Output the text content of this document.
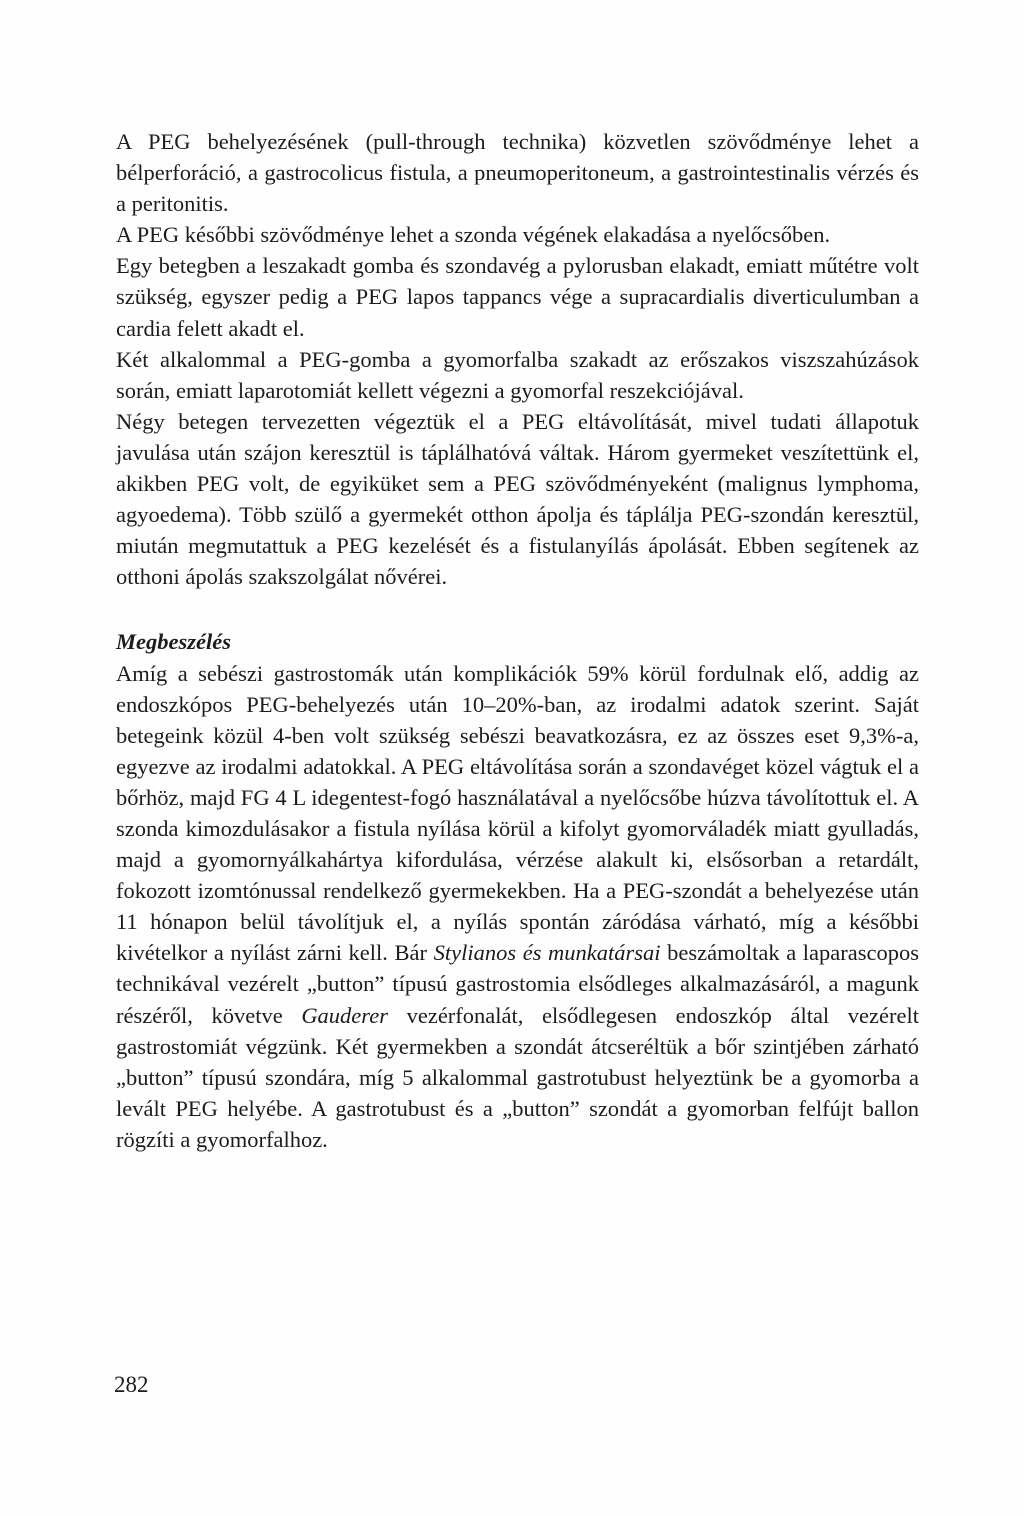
A PEG behelyezésének (pull-through technika) közvetlen szövődménye lehet a bélperforáció, a gastrocolicus fistula, a pneumoperitoneum, a gastrointestinalis vérzés és a peritonitis.

A PEG későbbi szövődménye lehet a szonda végének elakadása a nyelőcsőben.

Egy betegben a leszakadt gomba és szondavég a pylorusban elakadt, emiatt műtétre volt szükség, egyszer pedig a PEG lapos tappancs vége a supracardialis diverticulumban a cardia felett akadt el.

Két alkalommal a PEG-gomba a gyomorfalba szakadt az erőszakos viszszahúzások során, emiatt laparotomiát kellett végezni a gyomorfal reszekciójával.

Négy betegen tervezetten végeztük el a PEG eltávolítását, mivel tudati állapotuk javulása után szájon keresztül is táplálhatóvá váltak. Három gyermeket veszítettünk el, akikben PEG volt, de egyiküket sem a PEG szövődményeként (malignus lymphoma, agyoedema). Több szülő a gyermekét otthon ápolja és táplálja PEG-szondán keresztül, miután megmutattuk a PEG kezelését és a fistulanyílás ápolását. Ebben segítenek az otthoni ápolás szakszolgálat nővérei.

Megbeszélés

Amíg a sebészi gastrostomák után komplikációk 59% körül fordulnak elő, addig az endoszkópos PEG-behelyezés után 10–20%-ban, az irodalmi adatok szerint. Saját betegeink közül 4-ben volt szükség sebészi beavatkozásra, ez az összes eset 9,3%-a, egyezve az irodalmi adatokkal. A PEG eltávolítása során a szondavéget közel vágtuk el a bőrhöz, majd FG 4 L idegentest-fogó használatával a nyelőcsőbe húzva távolítottuk el. A szonda kimozdulásakor a fistula nyílása körül a kifolyt gyomorváladék miatt gyulladás, majd a gyomornyálkahártya kifordulása, vérzése alakult ki, elsősorban a retardált, fokozott izomtónussal rendelkező gyermekekben. Ha a PEG-szondát a behelyezése után 11 hónapon belül távolítjuk el, a nyílás spontán záródása várható, míg a későbbi kivételkor a nyílást zárni kell. Bár Stylianos és munkatársai beszámoltak a laparascopos technikával vezérelt „button” típusú gastrostomia elsődleges alkalmazásáról, a magunk részéről, követve Gauderer vezérfonalát, elsődlegesen endoszkóp által vezérelt gastrostomiát végzünk. Két gyermekben a szondát átcseréltük a bőr szintjében zárható „button” típusú szondára, míg 5 alkalommal gastrotubust helyeztünk be a gyomorba a levált PEG helyébe. A gastrotubust és a „button” szondát a gyomorban felfújt ballon rögzíti a gyomorfalhoz.

282
